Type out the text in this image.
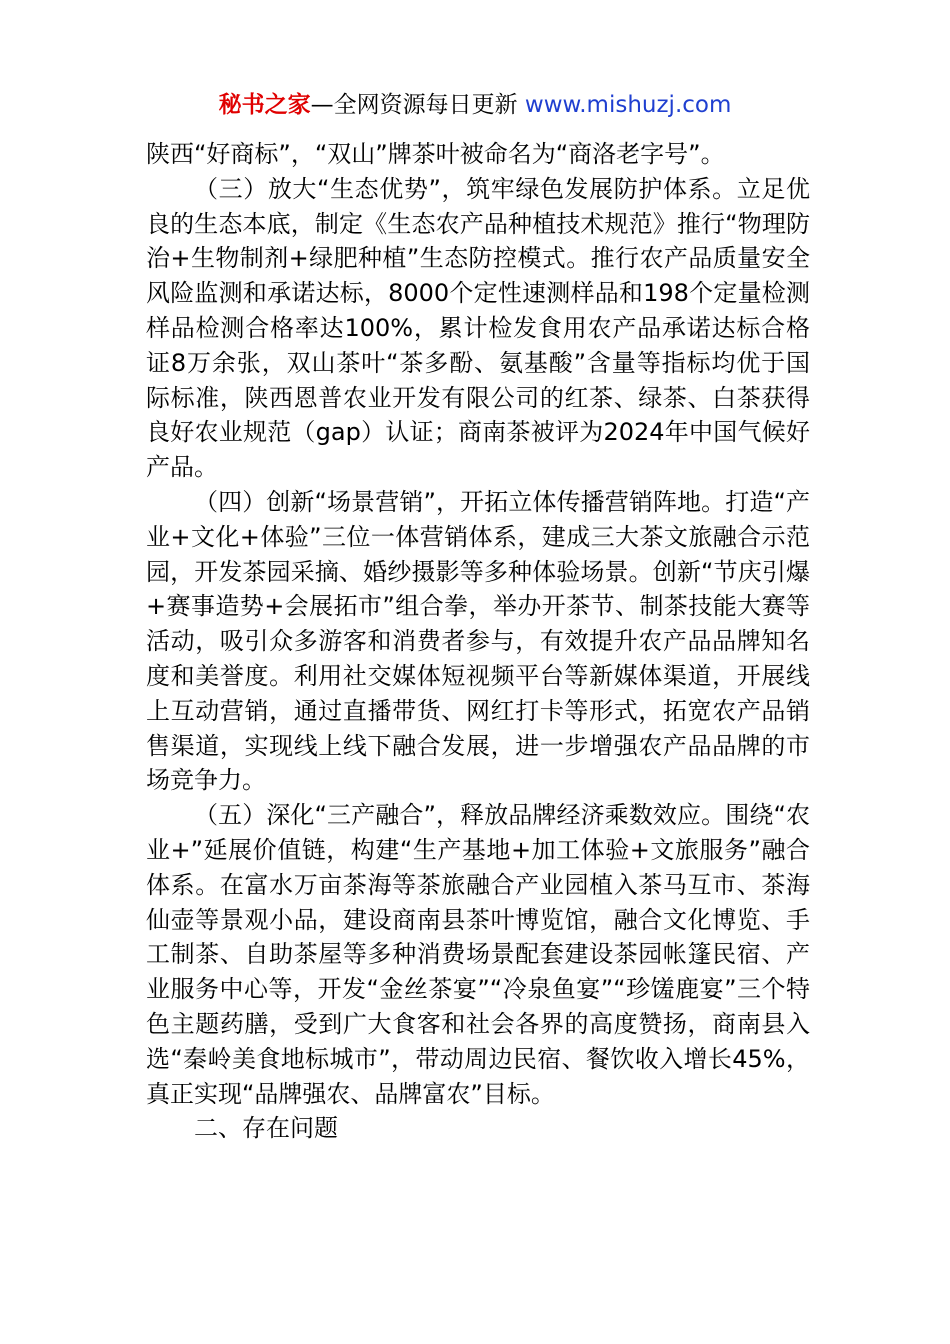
秘书之家—全网资源每日更新 www.mishuzj.com

陕西“好商标”，“双山”牌茶叶被命名为“商洛老字号”。

（三）放大“生态优势”，筑牢绿色发展防护体系。立足优良的生态本底，制定《生态农产品种植技术规范》推行“物理防治+生物制剂+绿肥种植”生态防控模式。推行农产品质量安全风险监测和承诺达标，8000个定性速测样品和198个定量检测样品检测合格率达100%，累计检发食用农产品承诺达标合格证8万余张，双山茶叶“茶多酚、氨基酸”含量等指标均优于国际标准，陕西恩普农业开发有限公司的红茶、绿茶、白茶获得良好农业规范（gap）认证；商南茶被评为2024年中国气候好产品。

（四）创新“场景营销”，开拓立体传播营销阵地。打造“产业+文化+体验”三位一体营销体系，建成三大茶文旅融合示范园，开发茶园采摘、婚纱摄影等多种体验场景。创新“节庆引爆+赛事造势+会展拓市”组合拳，举办开茶节、制茶技能大赛等活动，吸引众多游客和消费者参与，有效提升农产品品牌知名度和美誉度。利用社交媒体短视频平台等新媒体渠道，开展线上互动营销，通过直播带货、网红打卡等形式，拓宽农产品销售渠道，实现线上线下融合发展，进一步增强农产品品牌的市场竞争力。

（五）深化“三产融合”，释放品牌经济乘数效应。围绕“农业+”延展价值链，构建“生产基地+加工体验+文旅服务”融合体系。在富水万亩茶海等茶旅融合产业园植入茶马互市、茶海仙壶等景观小品，建设商南县茶叶博览馆，融合文化博览、手工制茶、自助茶屋等多种消费场景配套建设茶园帐篷民宿、产业服务中心等，开发“金丝茶宴”“冷泉鱼宴”“珍馐鹿宴”三个特色主题药膳，受到广大食客和社会各界的高度赞扬，商南县入选“秦岭美食地标城市”，带动周边民宿、餐饮收入增长45%，真正实现“品牌强农、品牌富农”目标。

二、存在问题
